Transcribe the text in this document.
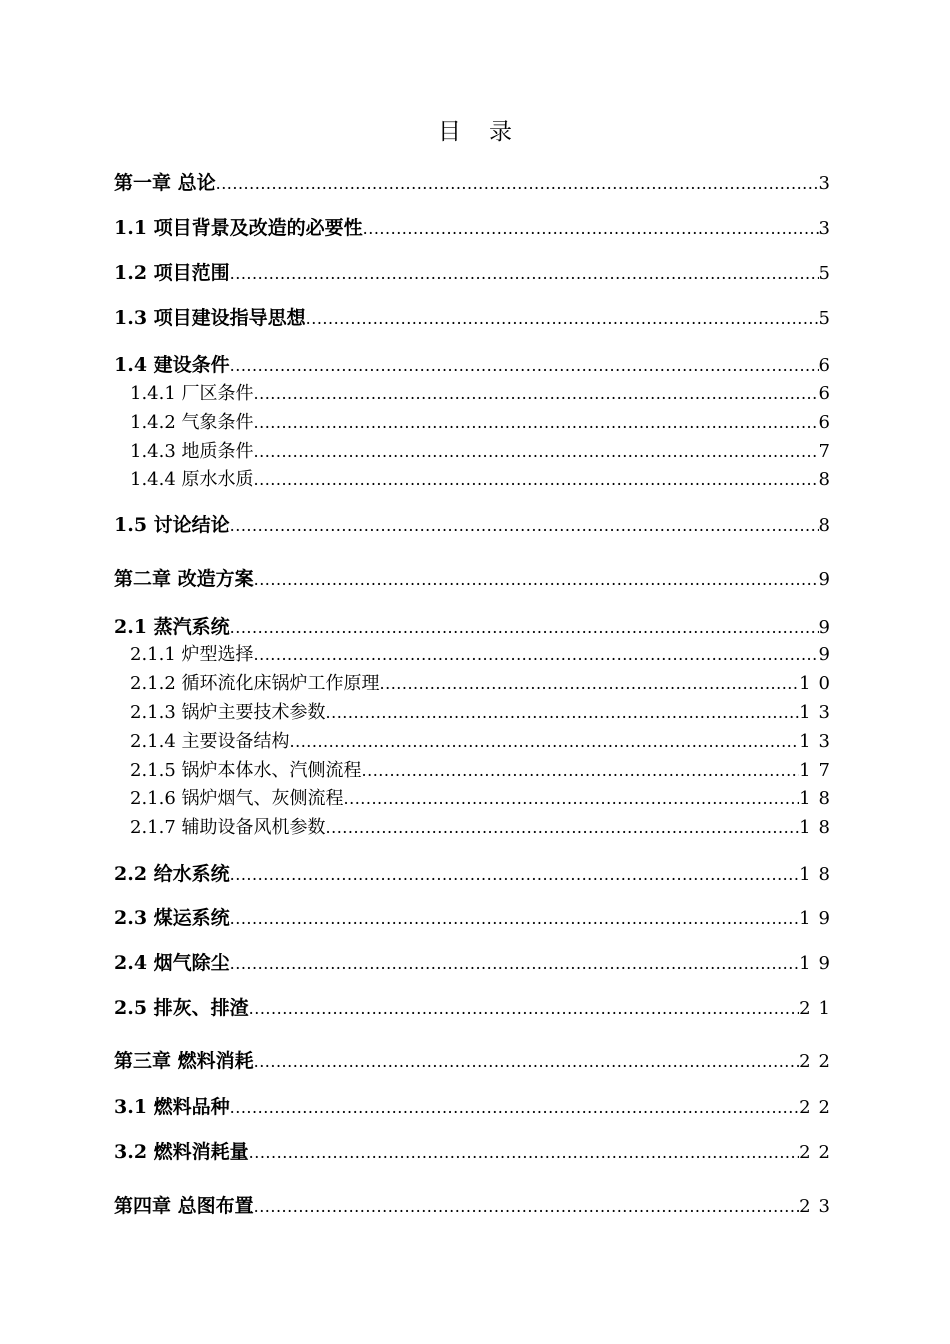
目 录
第一章 总论 .....	3
1.1 项目背景及改造的必要性 .....	3
1.2 项目范围 .....	5
1.3 项目建设指导思想 .....	5
1.4 建设条件 .....	6
1.4.1 厂区条件 .....	6
1.4.2 气象条件 .....	6
1.4.3 地质条件 .....	7
1.4.4 原水水质 .....	8
1.5 讨论结论 .....	8
第二章 改造方案 .....	9
2.1 蒸汽系统 .....	9
2.1.1 炉型选择 .....	9
2.1.2 循环流化床锅炉工作原理 .....	10
2.1.3 锅炉主要技术参数 .....	13
2.1.4 主要设备结构 .....	13
2.1.5 锅炉本体水、汽侧流程 .....	17
2.1.6 锅炉烟气、灰侧流程 .....	18
2.1.7 辅助设备风机参数 .....	18
2.2 给水系统 .....	18
2.3 煤运系统 .....	19
2.4 烟气除尘 .....	19
2.5 排灰、排渣 .....	21
第三章 燃料消耗 .....	22
3.1 燃料品种 .....	22
3.2 燃料消耗量 .....	22
第四章 总图布置 .....	23
